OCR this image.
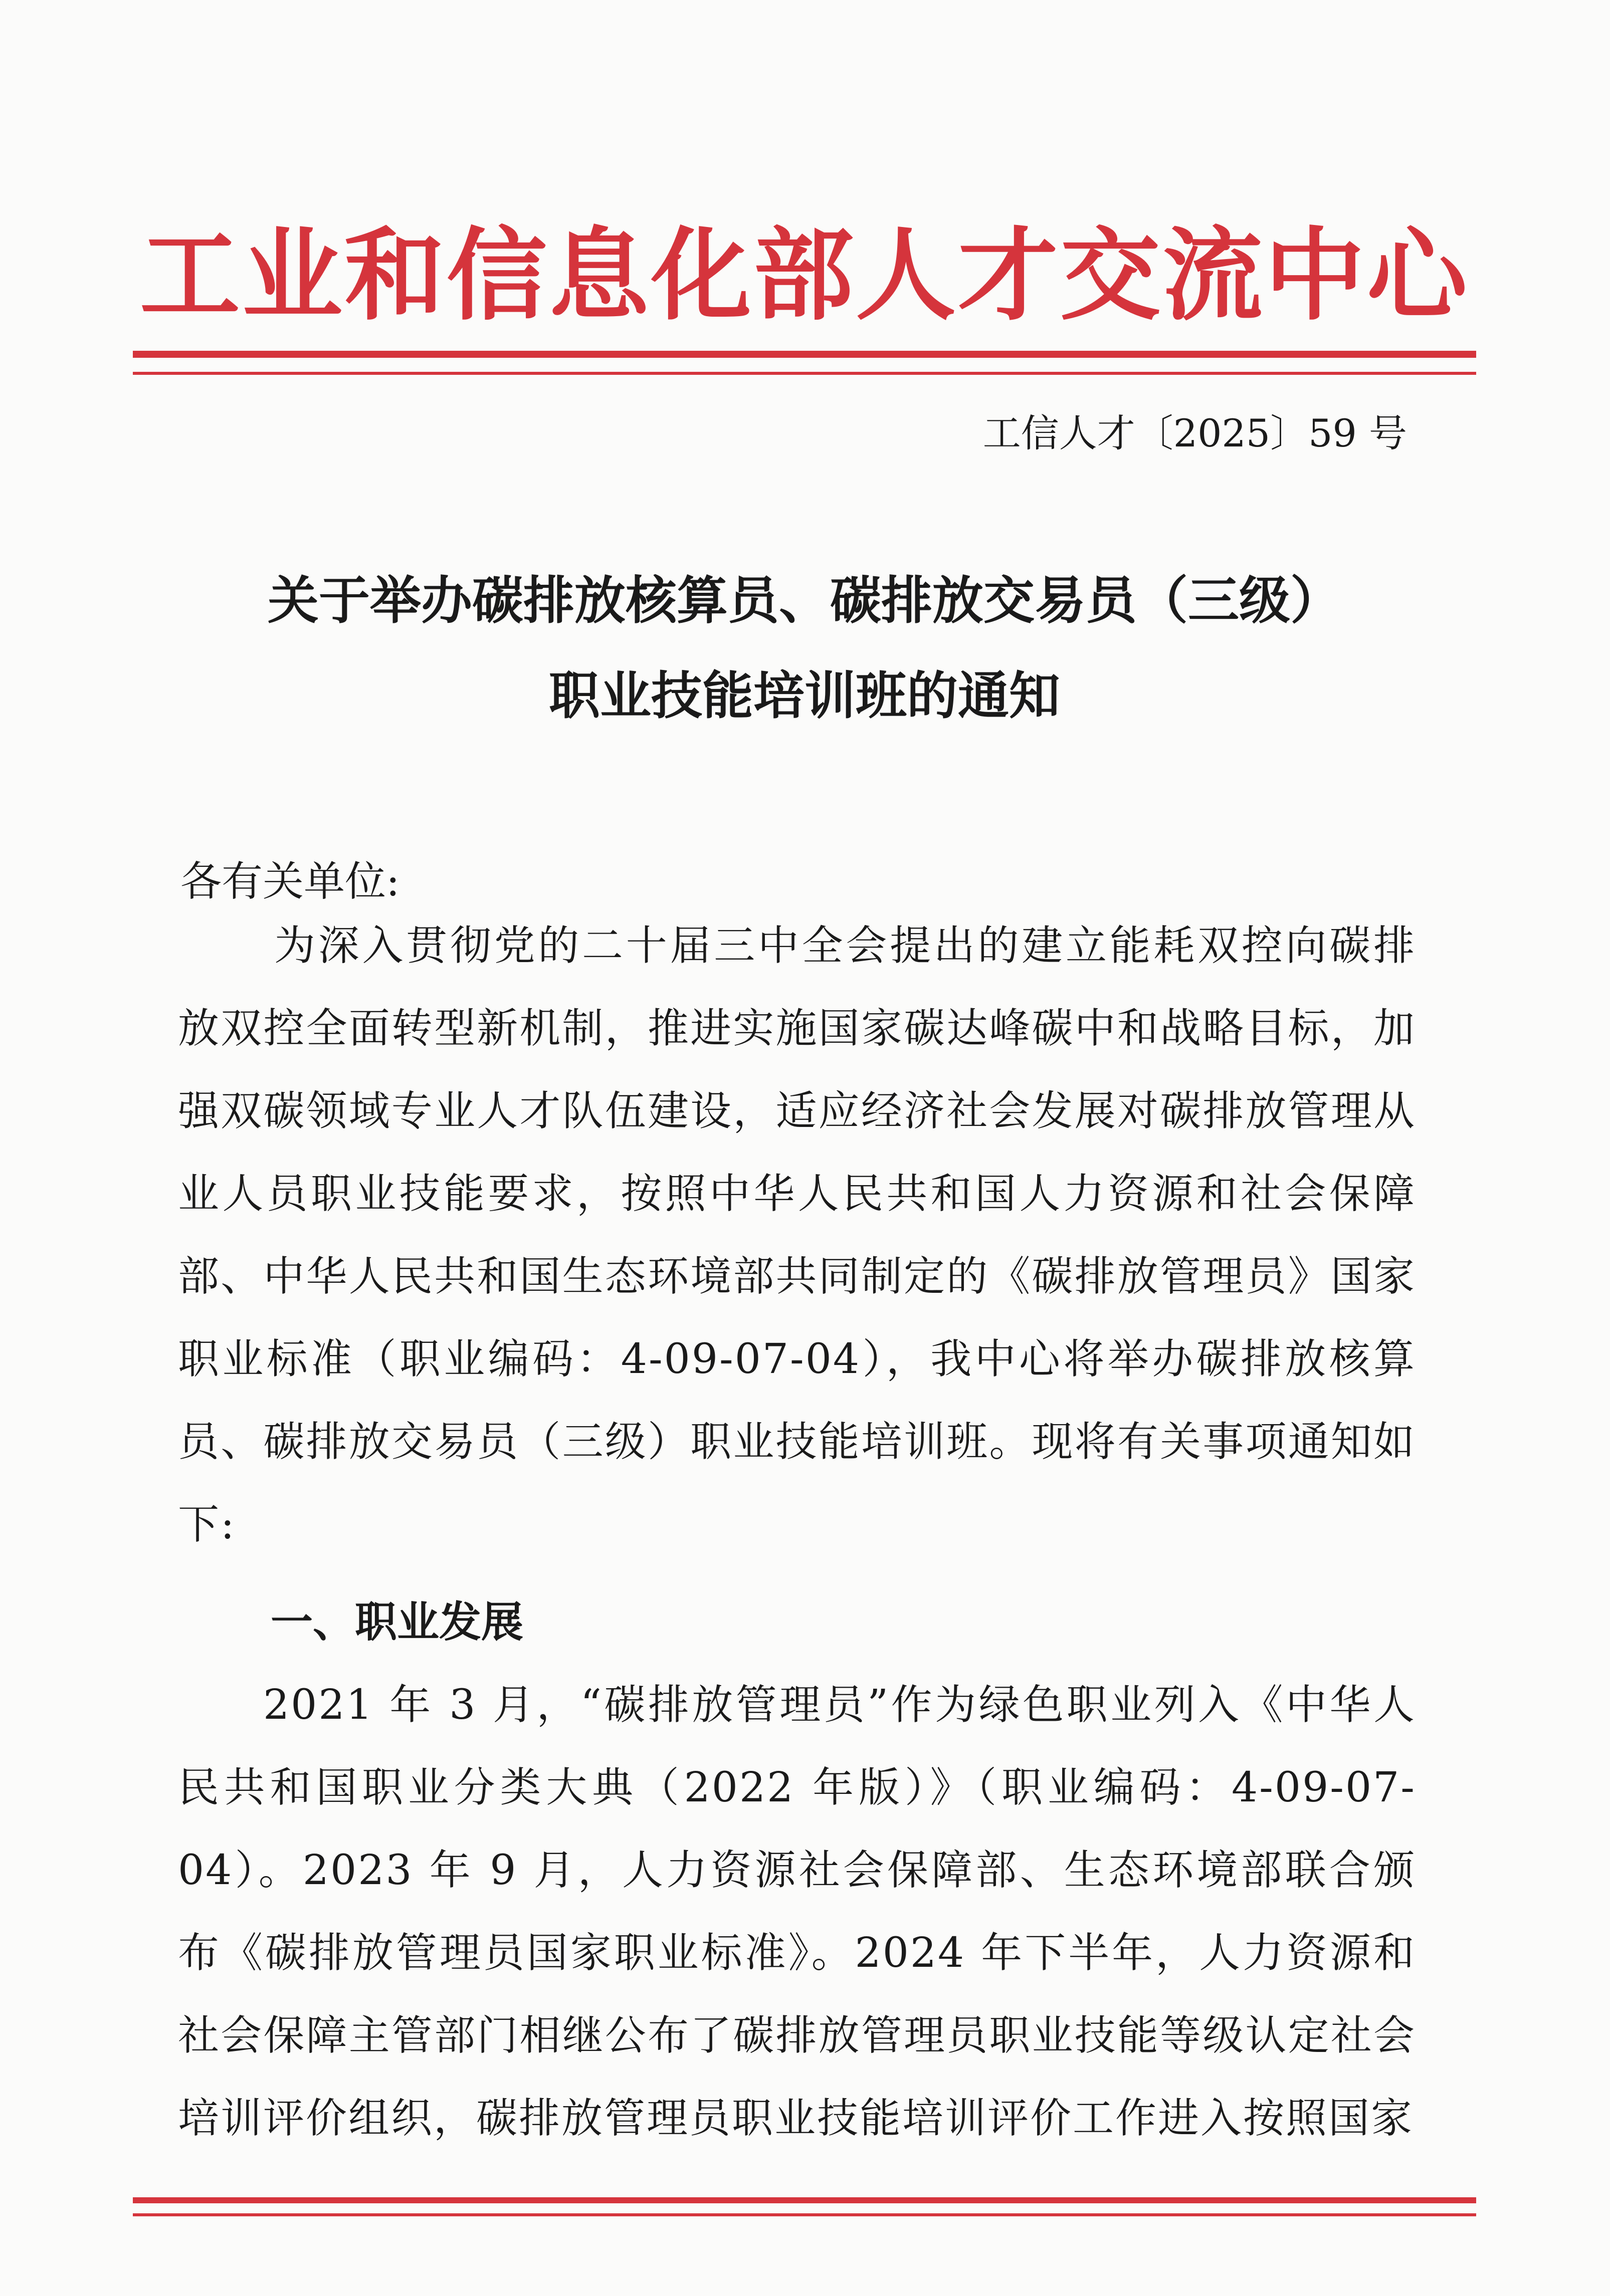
工业和信息化部人才交流中心
工信人才〔2025〕59 号
关于举办碳排放核算员、碳排放交易员（三级）
职业技能培训班的通知
各有关单位:
为深入贯彻党的二十届三中全会提出的建立能耗双控向碳排放双控全面转型新机制，推进实施国家碳达峰碳中和战略目标，加强双碳领域专业人才队伍建设，适应经济社会发展对碳排放管理从业人员职业技能要求，按照中华人民共和国人力资源和社会保障部、中华人民共和国生态环境部共同制定的《碳排放管理员》国家职业标准（职业编码：4-09-07-04），我中心将举办碳排放核算员、碳排放交易员（三级）职业技能培训班。现将有关事项通知如下:
一、职业发展
2021 年 3 月，“碳排放管理员”作为绿色职业列入《中华人民共和国职业分类大典（2022 年版）》（职业编码：4-09-07-04）。2023 年 9 月，人力资源社会保障部、生态环境部联合颁布《碳排放管理员国家职业标准》。2024 年下半年，人力资源和社会保障主管部门相继公布了碳排放管理员职业技能等级认定社会培训评价组织，碳排放管理员职业技能培训评价工作进入按照国家
